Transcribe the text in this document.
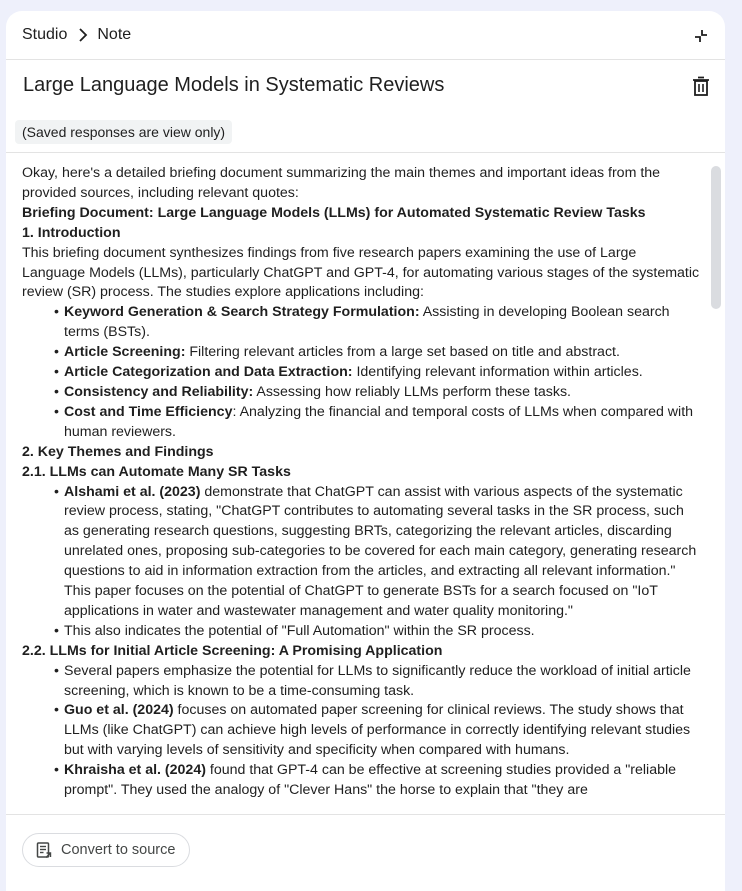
Studio Note
Large Language Models in Systematic Reviews
(Saved responses are view only)

Okay, here's a detailed briefing document summarizing the main themes and important ideas from the provided sources, including relevant quotes:

Briefing Document: Large Language Models (LLMs) for Automated Systematic Review Tasks

1. Introduction

This briefing document synthesizes findings from five research papers examining the use of Large Language Models (LLMs), particularly ChatGPT and GPT-4, for automating various stages of the systematic review (SR) process. The studies explore applications including:

• Keyword Generation & Search Strategy Formulation: Assisting in developing Boolean search terms (BSTs).
• Article Screening: Filtering relevant articles from a large set based on title and abstract.
• Article Categorization and Data Extraction: Identifying relevant information within articles.
• Consistency and Reliability: Assessing how reliably LLMs perform these tasks.
• Cost and Time Efficiency: Analyzing the financial and temporal costs of LLMs when compared with human reviewers.

2. Key Themes and Findings

2.1. LLMs can Automate Many SR Tasks

• Alshami et al. (2023) demonstrate that ChatGPT can assist with various aspects of the systematic review process, stating, "ChatGPT contributes to automating several tasks in the SR process, such as generating research questions, suggesting BRTs, categorizing the relevant articles, discarding unrelated ones, proposing sub-categories to be covered for each main category, generating research questions to aid in information extraction from the articles, and extracting all relevant information." This paper focuses on the potential of ChatGPT to generate BSTs for a search focused on "IoT applications in water and wastewater management and water quality monitoring."
• This also indicates the potential of "Full Automation" within the SR process.

2.2. LLMs for Initial Article Screening: A Promising Application

• Several papers emphasize the potential for LLMs to significantly reduce the workload of initial article screening, which is known to be a time-consuming task.
• Guo et al. (2024) focuses on automated paper screening for clinical reviews. The study shows that LLMs (like ChatGPT) can achieve high levels of performance in correctly identifying relevant studies but with varying levels of sensitivity and specificity when compared with humans.
• Khraisha et al. (2024) found that GPT-4 can be effective at screening studies provided a "reliable prompt". They used the analogy of "Clever Hans" the horse to explain that "they are
Convert to source
